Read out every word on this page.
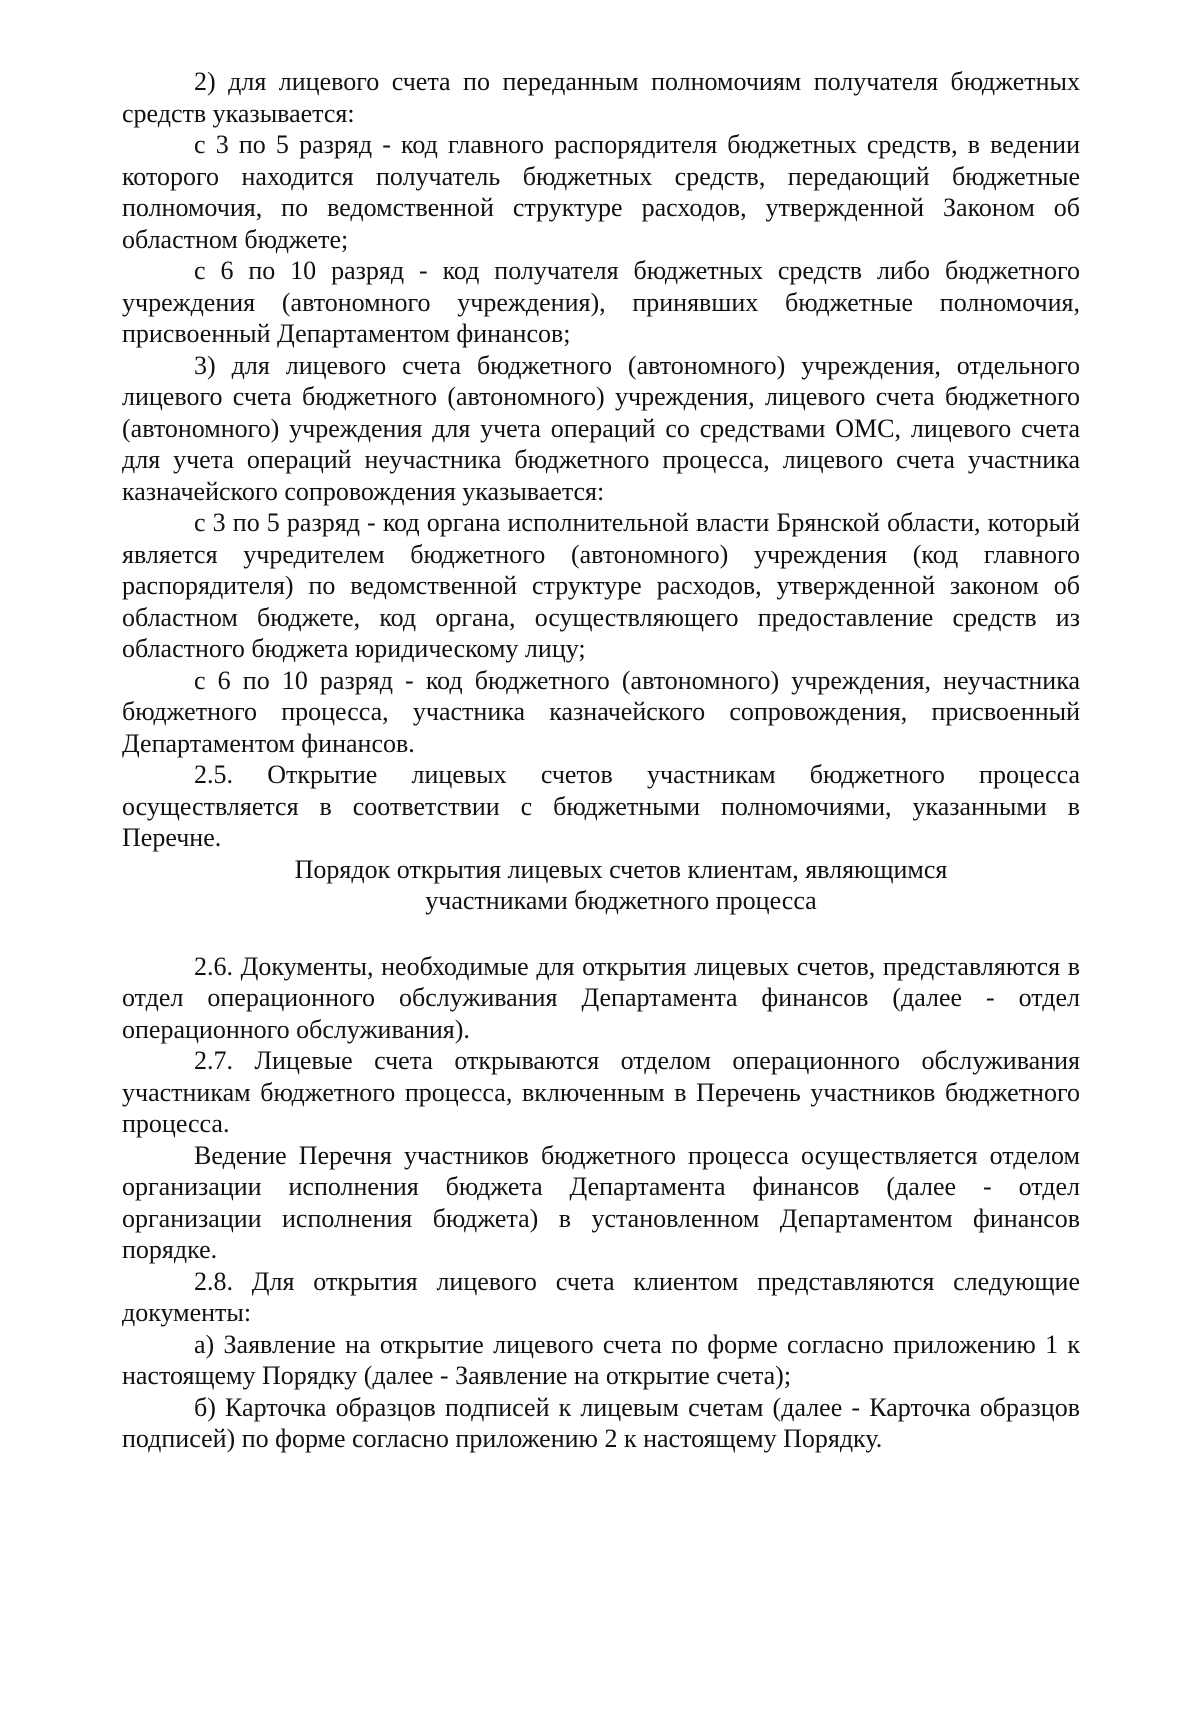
2) для лицевого счета по переданным полномочиям получателя бюджетных средств указывается:

с 3 по 5 разряд - код главного распорядителя бюджетных средств, в ведении которого находится получатель бюджетных средств, передающий бюджетные полномочия, по ведомственной структуре расходов, утвержденной Законом об областном бюджете;

с 6 по 10 разряд - код получателя бюджетных средств либо бюджетного учреждения (автономного учреждения), принявших бюджетные полномочия, присвоенный Департаментом финансов;

3) для лицевого счета бюджетного (автономного) учреждения, отдельного лицевого счета бюджетного (автономного) учреждения, лицевого счета бюджетного (автономного) учреждения для учета операций со средствами ОМС, лицевого счета для учета операций неучастника бюджетного процесса, лицевого счета участника казначейского сопровождения указывается:

с 3 по 5 разряд - код органа исполнительной власти Брянской области, который является учредителем бюджетного (автономного) учреждения (код главного распорядителя) по ведомственной структуре расходов, утвержденной законом об областном бюджете, код органа, осуществляющего предоставление средств из областного бюджета юридическому лицу;

с 6 по 10 разряд - код бюджетного (автономного) учреждения, неучастника бюджетного процесса, участника казначейского сопровождения, присвоенный Департаментом финансов.

2.5. Открытие лицевых счетов участникам бюджетного процесса осуществляется в соответствии с бюджетными полномочиями, указанными в Перечне.

Порядок открытия лицевых счетов клиентам, являющимся
участниками бюджетного процесса

2.6. Документы, необходимые для открытия лицевых счетов, представляются в отдел операционного обслуживания Департамента финансов (далее - отдел операционного обслуживания).

2.7. Лицевые счета открываются отделом операционного обслуживания участникам бюджетного процесса, включенным в Перечень участников бюджетного процесса.

Ведение Перечня участников бюджетного процесса осуществляется отделом организации исполнения бюджета Департамента финансов (далее - отдел организации исполнения бюджета) в установленном Департаментом финансов порядке.

2.8. Для открытия лицевого счета клиентом представляются следующие документы:

а) Заявление на открытие лицевого счета по форме согласно приложению 1 к настоящему Порядку (далее - Заявление на открытие счета);

б) Карточка образцов подписей к лицевым счетам (далее - Карточка образцов подписей) по форме согласно приложению 2 к настоящему Порядку.
